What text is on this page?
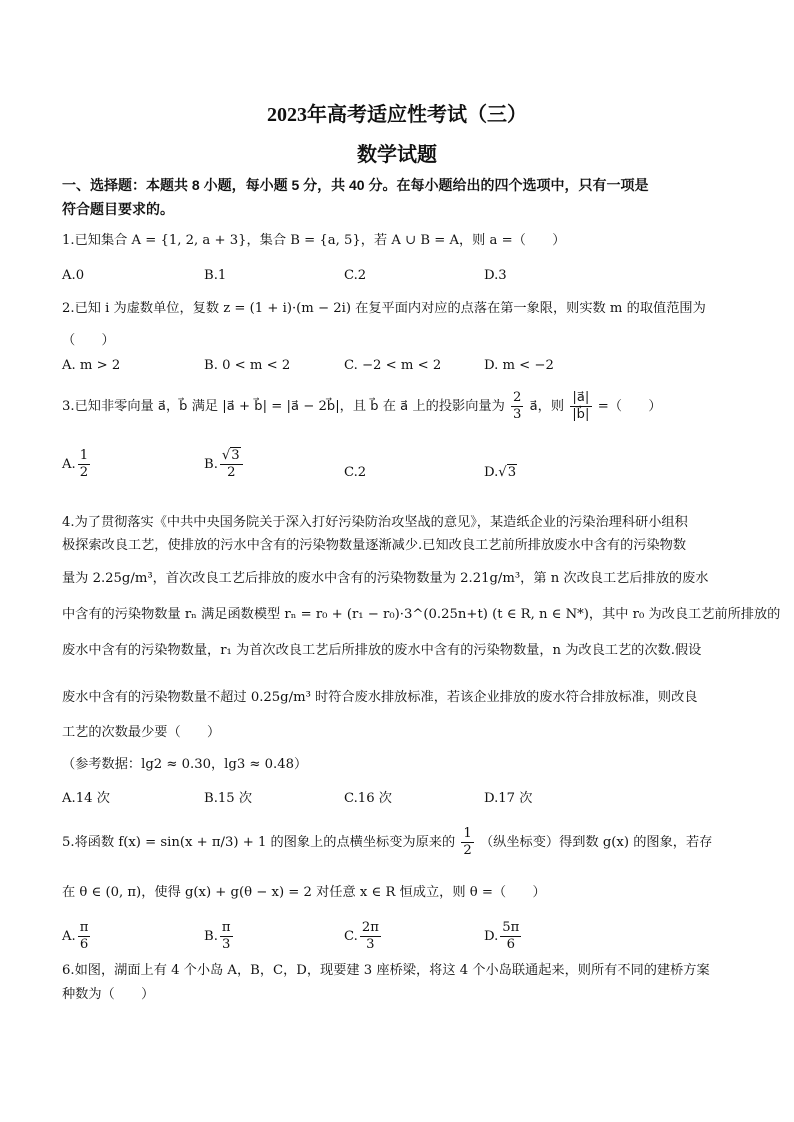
2023年高考适应性考试（三）
数学试题
一、选择题：本题共 8 小题，每小题 5 分，共 40 分。在每小题给出的四个选项中，只有一项是
符合题目要求的。
1.已知集合 A = {1, 2, a + 3}，集合 B = {a, 5}，若 A ∪ B = A，则 a =（　　）
A.0	B.1	C.2	D.3
2.已知 i 为虚数单位，复数 z = (1 + i)·(m − 2i) 在复平面内对应的点落在第一象限，则实数 m 的取值范围为
（　　）
A. m > 2	B. 0 < m < 2	C. −2 < m < 2	D. m < −2
3.已知非零向量 a⃗，b⃗ 满足 |a⃗ + b⃗| = |a⃗ − 2b⃗|，且 b⃗ 在 a⃗ 上的投影向量为 $\frac{2}{3}$ a⃗，则 $\frac{|a⃗|}{|b⃗|}$ =（　　）
A. $\frac{1}{2}$	B. $\frac{√3}{2}$	C.2	D.√3
4.为了贯彻落实《中共中央国务院关于深入打好污染防治攻坚战的意见》，某造纸企业的污染治理科研小组积
极探索改良工艺，使排放的污水中含有的污染物数量逐渐减少.已知改良工艺前所排放废水中含有的污染物数
量为 2.25g/m³，首次改良工艺后排放的废水中含有的污染物数量为 2.21g/m³，第 n 次改良工艺后排放的废水
中含有的污染物数量 rₙ 满足函数模型 rₙ = r₀ + (r₁ − r₀)·3^(0.25n+t) (t ∈ R, n ∈ N*)，其中 r₀ 为改良工艺前所排放的
废水中含有的污染物数量，r₁ 为首次改良工艺后所排放的废水中含有的污染物数量，n 为改良工艺的次数.假设
废水中含有的污染物数量不超过 0.25g/m³ 时符合废水排放标准，若该企业排放的废水符合排放标准，则改良
工艺的次数最少要（　　）
（参考数据：lg2 ≈ 0.30，lg3 ≈ 0.48）
A.14 次	B.15 次	C.16 次	D.17 次
5.将函数 f(x) = sin(x + π/3) + 1 的图象上的点横坐标变为原来的 $\frac{1}{2}$ （纵坐标变）得到数 g(x) 的图象，若存
在 θ ∈ (0, π)，使得 g(x) + g(θ − x) = 2 对任意 x ∈ R 恒成立，则 θ =（　　）
A. $\frac{\pi}{6}$	B. $\frac{\pi}{3}$	C. $\frac{2\pi}{3}$	D. $\frac{5\pi}{6}$
6.如图，湖面上有 4 个小岛 A，B，C，D，现要建 3 座桥梁，将这 4 个小岛联通起来，则所有不同的建桥方案
种数为（　　）
